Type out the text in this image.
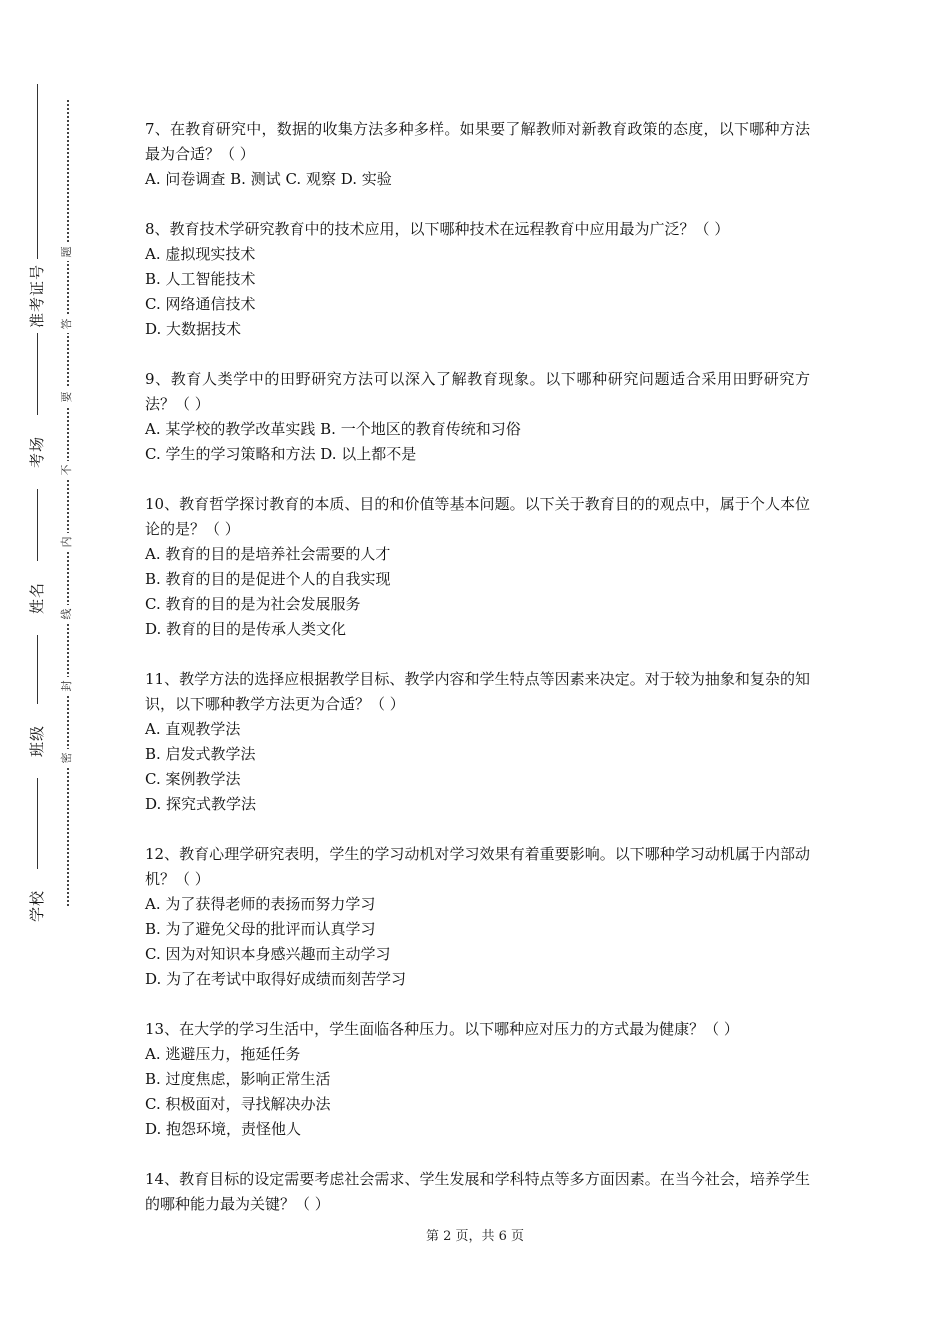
准考证号
考场
姓名
班级
学校
题
答
要
不
内
线
封
密

7、在教育研究中，数据的收集方法多种多样。如果要了解教师对新教育政策的态度，以下哪种方法最为合适？（ ）

A. 问卷调查 B. 测试 C. 观察 D. 实验

8、教育技术学研究教育中的技术应用，以下哪种技术在远程教育中应用最为广泛？（ ）

A. 虚拟现实技术

B. 人工智能技术

C. 网络通信技术

D. 大数据技术

9、教育人类学中的田野研究方法可以深入了解教育现象。以下哪种研究问题适合采用田野研究方法？（ ）

A. 某学校的教学改革实践 B. 一个地区的教育传统和习俗

C. 学生的学习策略和方法 D. 以上都不是

10、教育哲学探讨教育的本质、目的和价值等基本问题。以下关于教育目的的观点中，属于个人本位论的是？（ ）

A. 教育的目的是培养社会需要的人才

B. 教育的目的是促进个人的自我实现

C. 教育的目的是为社会发展服务

D. 教育的目的是传承人类文化

11、教学方法的选择应根据教学目标、教学内容和学生特点等因素来决定。对于较为抽象和复杂的知识，以下哪种教学方法更为合适？（ ）

A. 直观教学法

B. 启发式教学法

C. 案例教学法

D. 探究式教学法

12、教育心理学研究表明，学生的学习动机对学习效果有着重要影响。以下哪种学习动机属于内部动机？（ ）

A. 为了获得老师的表扬而努力学习

B. 为了避免父母的批评而认真学习

C. 因为对知识本身感兴趣而主动学习

D. 为了在考试中取得好成绩而刻苦学习

13、在大学的学习生活中，学生面临各种压力。以下哪种应对压力的方式最为健康？（ ）

A. 逃避压力，拖延任务

B. 过度焦虑，影响正常生活

C. 积极面对，寻找解决办法

D. 抱怨环境，责怪他人

14、教育目标的设定需要考虑社会需求、学生发展和学科特点等多方面因素。在当今社会，培养学生的哪种能力最为关键？（ ）

第 2 页，共 6 页
